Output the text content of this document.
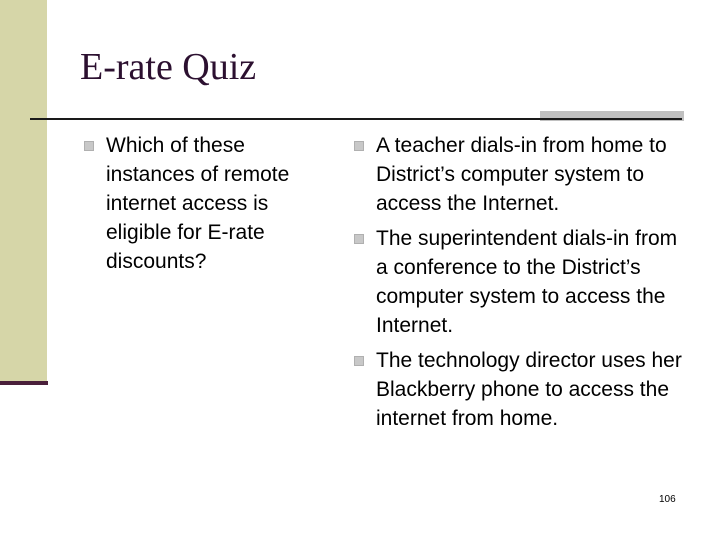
E-rate Quiz
Which of these instances of remote internet access is eligible for E-rate discounts?
A teacher dials-in from home to District’s computer system to access the Internet.
The superintendent dials-in from a conference to the District’s computer system to access the Internet.
The technology director uses her Blackberry phone to access the internet from home.
106
